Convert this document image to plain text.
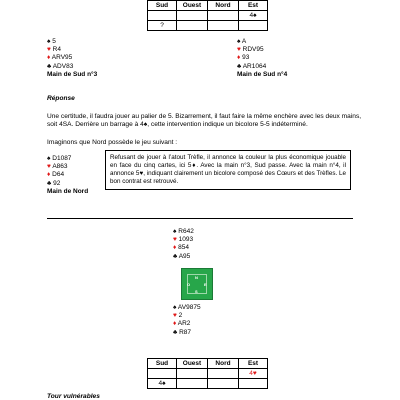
Sud	Ouest	Nord	Est
			4♠
?			
♠ 5
♥ R4
♦ ARV95
♣ ADV83
Main de Sud n°3
♠ A
♥ RDV95
♦ 93
♣ AR1064
Main de Sud n°4
Réponse
Une certitude, il faudra jouer au palier de 5. Bizarrement, il faut faire la même enchère avec les deux mains, soit 4SA. Derrière un barrage à 4♠, cette intervention indique un bicolore 5-5 indéterminé.
Imaginons que Nord possède le jeu suivant :
♠ D1087
♥ A863
♦ D64
♣ 92
Main de Nord
Refusant de jouer à l’atout Trèfle, il annonce la couleur la plus économique jouable en face du cinq cartes, ici 5♦. Avec la main n°3, Sud passe. Avec la main n°4, il annonce 5♥, indiquant clairement un bicolore composé des Cœurs et des Trèfles. Le bon contrat est retrouvé.
♠ R642
♥ 1093
♦ 854
♣ A95
N
O	E
S
♠ AV9875
♥ 2
♦ AR2
♣ R87
Sud	Ouest	Nord	Est
			4♥
4♠			
Tour vulnérables
